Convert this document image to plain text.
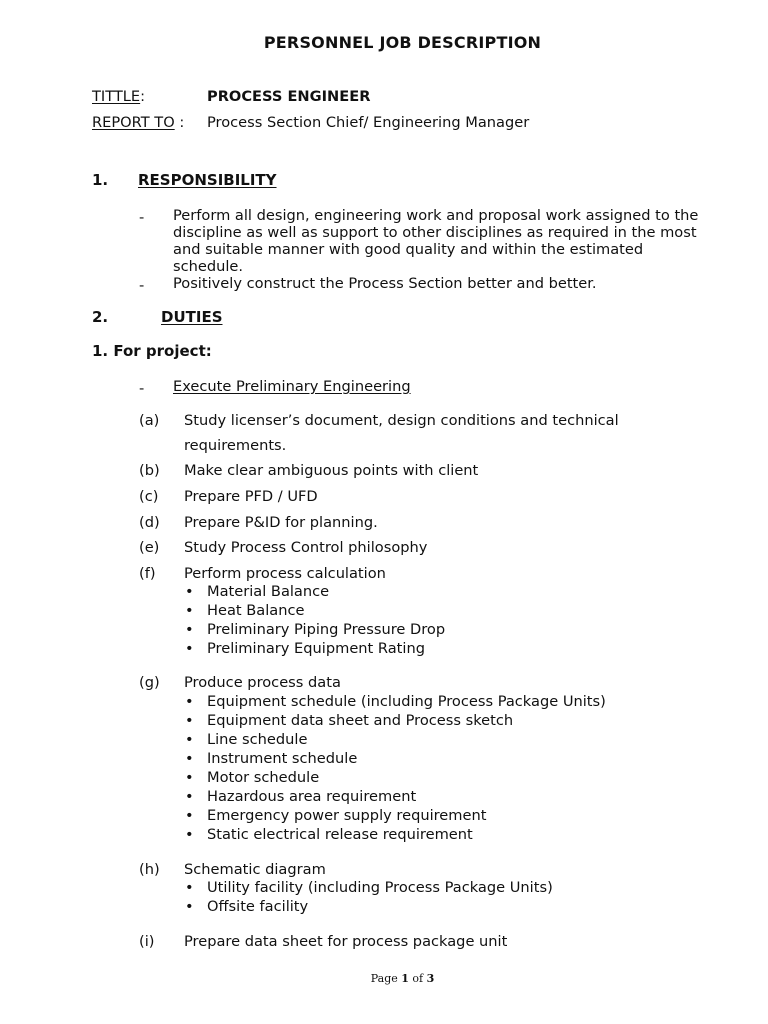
PERSONNEL JOB DESCRIPTION
TITTLE:	PROCESS ENGINEER
REPORT TO : Process Section Chief/ Engineering Manager
1. RESPONSIBILITY
- Perform all design, engineering work and proposal work assigned to the discipline as well as support to other disciplines as required in the most and suitable manner with good quality and within the estimated schedule.
- Positively construct the Process Section better and better.
2.	DUTIES
1. For project:
- Execute Preliminary Engineering
(a) Study licenser’s document, design conditions and technical
requirements.
(b) Make clear ambiguous points with client
(c) Prepare PFD / UFD
(d) Prepare P&ID for planning.
(e) Study Process Control philosophy
(f) Perform process calculation
• Material Balance
• Heat Balance
• Preliminary Piping Pressure Drop
• Preliminary Equipment Rating
(g) Produce process data
• Equipment schedule (including Process Package Units)
• Equipment data sheet and Process sketch
• Line schedule
• Instrument schedule
• Motor schedule
• Hazardous area requirement
• Emergency power supply requirement
• Static electrical release requirement
(h) Schematic diagram
• Utility facility (including Process Package Units)
• Offsite facility
(i) Prepare data sheet for process package unit
Page 1 of 3
